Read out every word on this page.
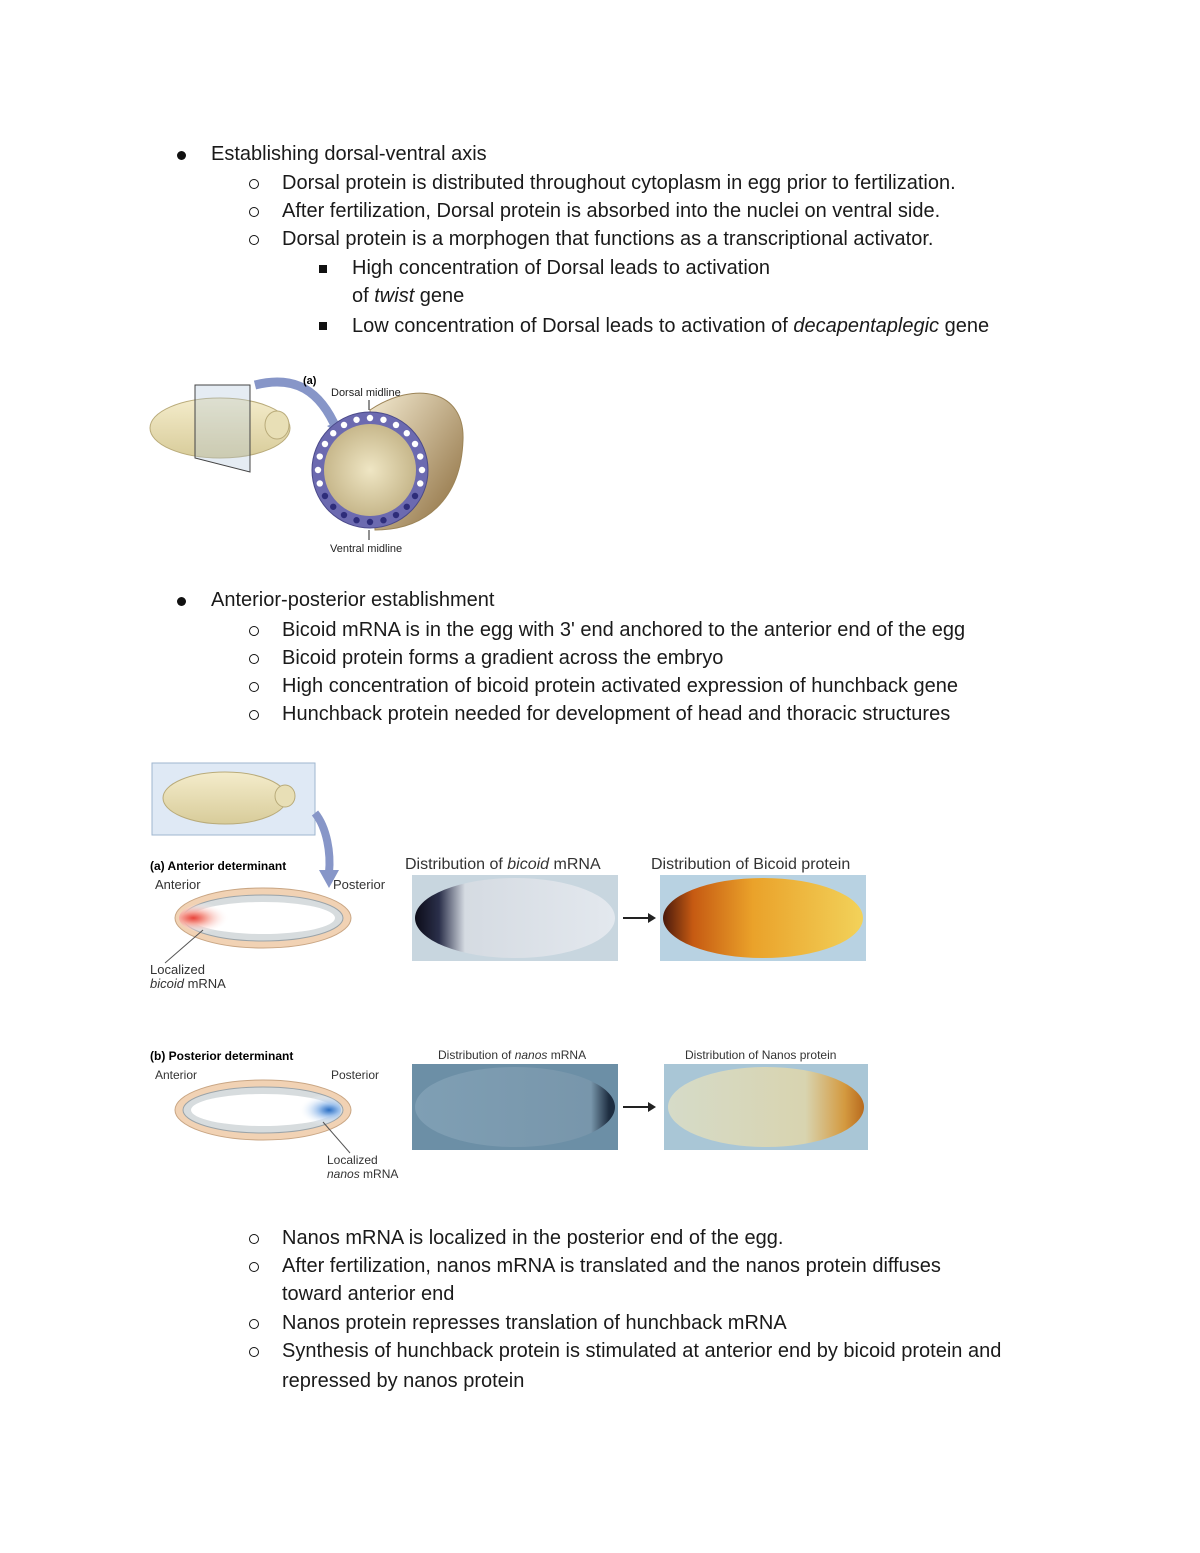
Establishing dorsal-ventral axis
Dorsal protein is distributed throughout cytoplasm in egg prior to fertilization.
After fertilization, Dorsal protein is absorbed into the nuclei on ventral side.
Dorsal protein is a morphogen that functions as a transcriptional activator.
High concentration of Dorsal leads to activation
of twist gene
Low concentration of Dorsal leads to activation of decapentaplegic gene
(a)
Dorsal midline
Ventral midline
Anterior-posterior establishment
Bicoid mRNA is in the egg with 3' end anchored to the anterior end of the egg
Bicoid protein forms a gradient across the embryo
High concentration of bicoid protein activated expression of hunchback gene
Hunchback protein needed for development of head and thoracic structures
(a) Anterior determinant
Anterior	Posterior
Localized
bicoid mRNA
Distribution of bicoid mRNA	Distribution of Bicoid protein
(b) Posterior determinant
Anterior	Posterior
Localized
nanos mRNA
Distribution of nanos mRNA	Distribution of Nanos protein
Nanos mRNA is localized in the posterior end of the egg.
After fertilization, nanos mRNA is translated and the nanos protein diffuses
toward anterior end
Nanos protein represses translation of hunchback mRNA
Synthesis of hunchback protein is stimulated at anterior end by bicoid protein and
repressed by nanos protein
